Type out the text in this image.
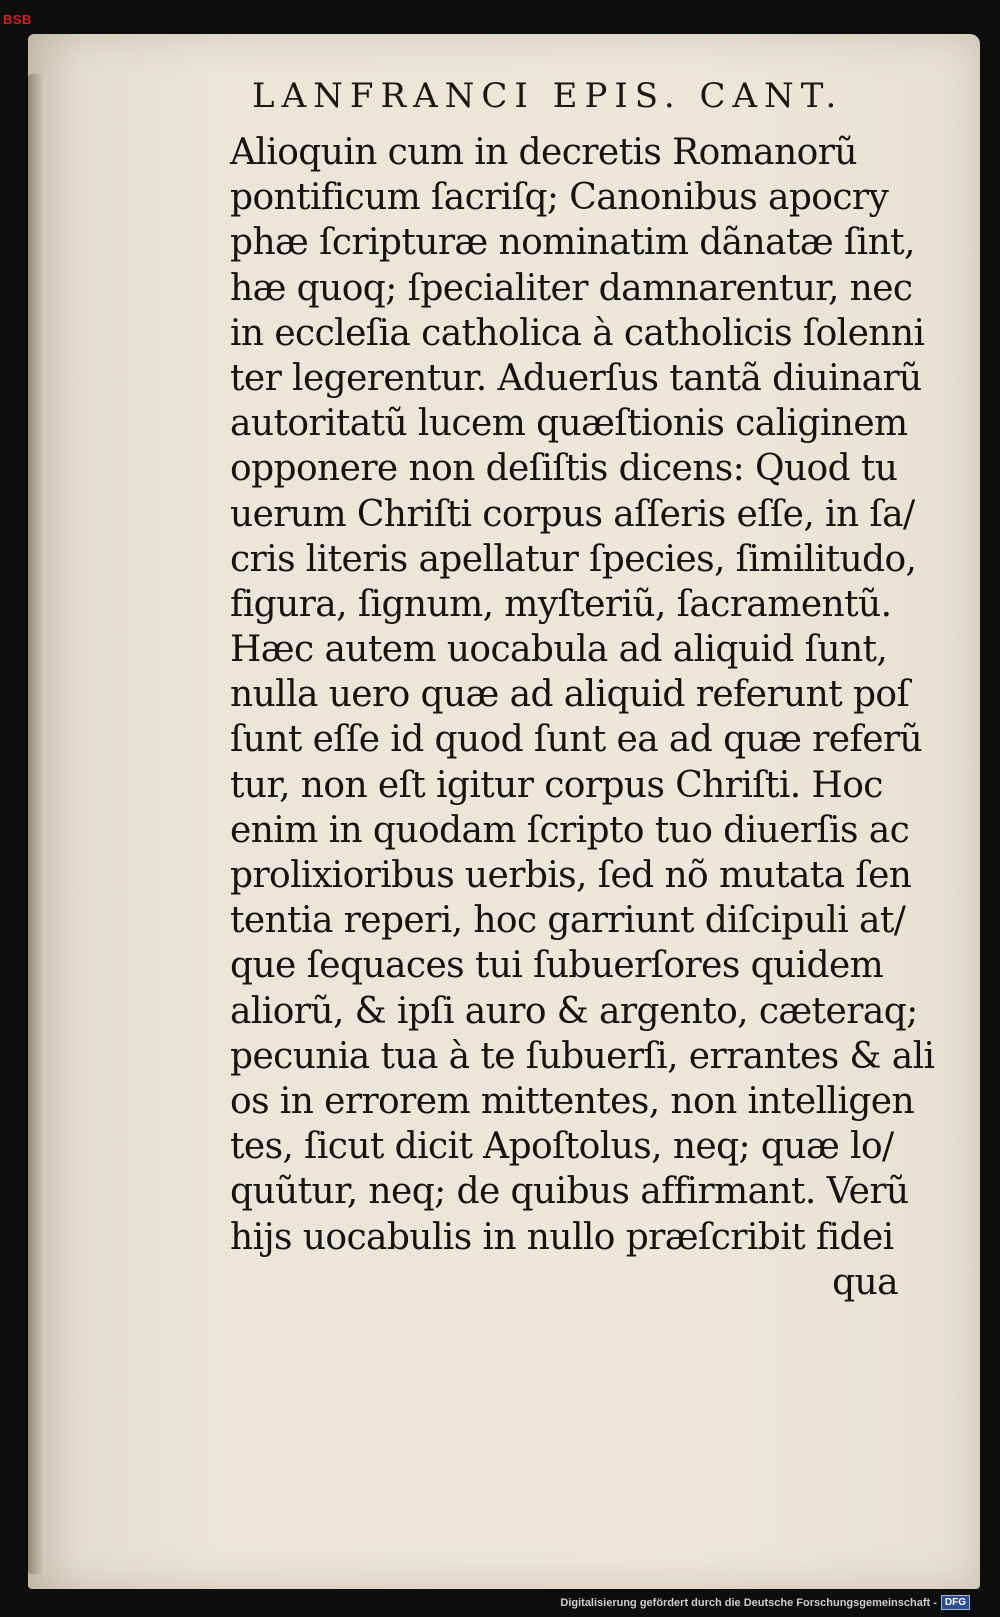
BSB
LANFRANCI EPIS. CANT.
Alioquin cum in decretis Romanorũ
pontificum ſacriſq; Canonibus apocry
phæ ſcripturæ nominatim dãnatæ ſint,
hæ quoq; ſpecialiter damnarentur, nec
in eccleſia catholica à catholicis ſolenni
ter legerentur. Aduerſus tantã diuinarũ
autoritatũ lucem quæſtionis caliginem
opponere non deſiſtis dicens: Quod tu
uerum Chriſti corpus aſſeris eſſe, in ſa/
cris literis apellatur ſpecies, ſimilitudo,
figura, ſignum, myſteriũ, ſacramentũ.
Hæc autem uocabula ad aliquid ſunt,
nulla uero quæ ad aliquid referunt poſ
ſunt eſſe id quod ſunt ea ad quæ referũ
tur, non eſt igitur corpus Chriſti. Hoc
enim in quodam ſcripto tuo diuerſis ac
prolixioribus uerbis, ſed nõ mutata ſen
tentia reperi, hoc garriunt diſcipuli at/
que ſequaces tui ſubuerſores quidem
aliorũ, & ipſi auro & argento, cæteraq;
pecunia tua à te ſubuerſi, errantes & ali
os in errorem mittentes, non intelligen
tes, ſicut dicit Apoſtolus, neq; quæ lo/
quũtur, neq; de quibus affirmant. Verũ
hijs uocabulis in nullo præſcribit fidei
qua
Digitalisierung gefördert durch die Deutsche Forschungsgemeinschaft - DFG
